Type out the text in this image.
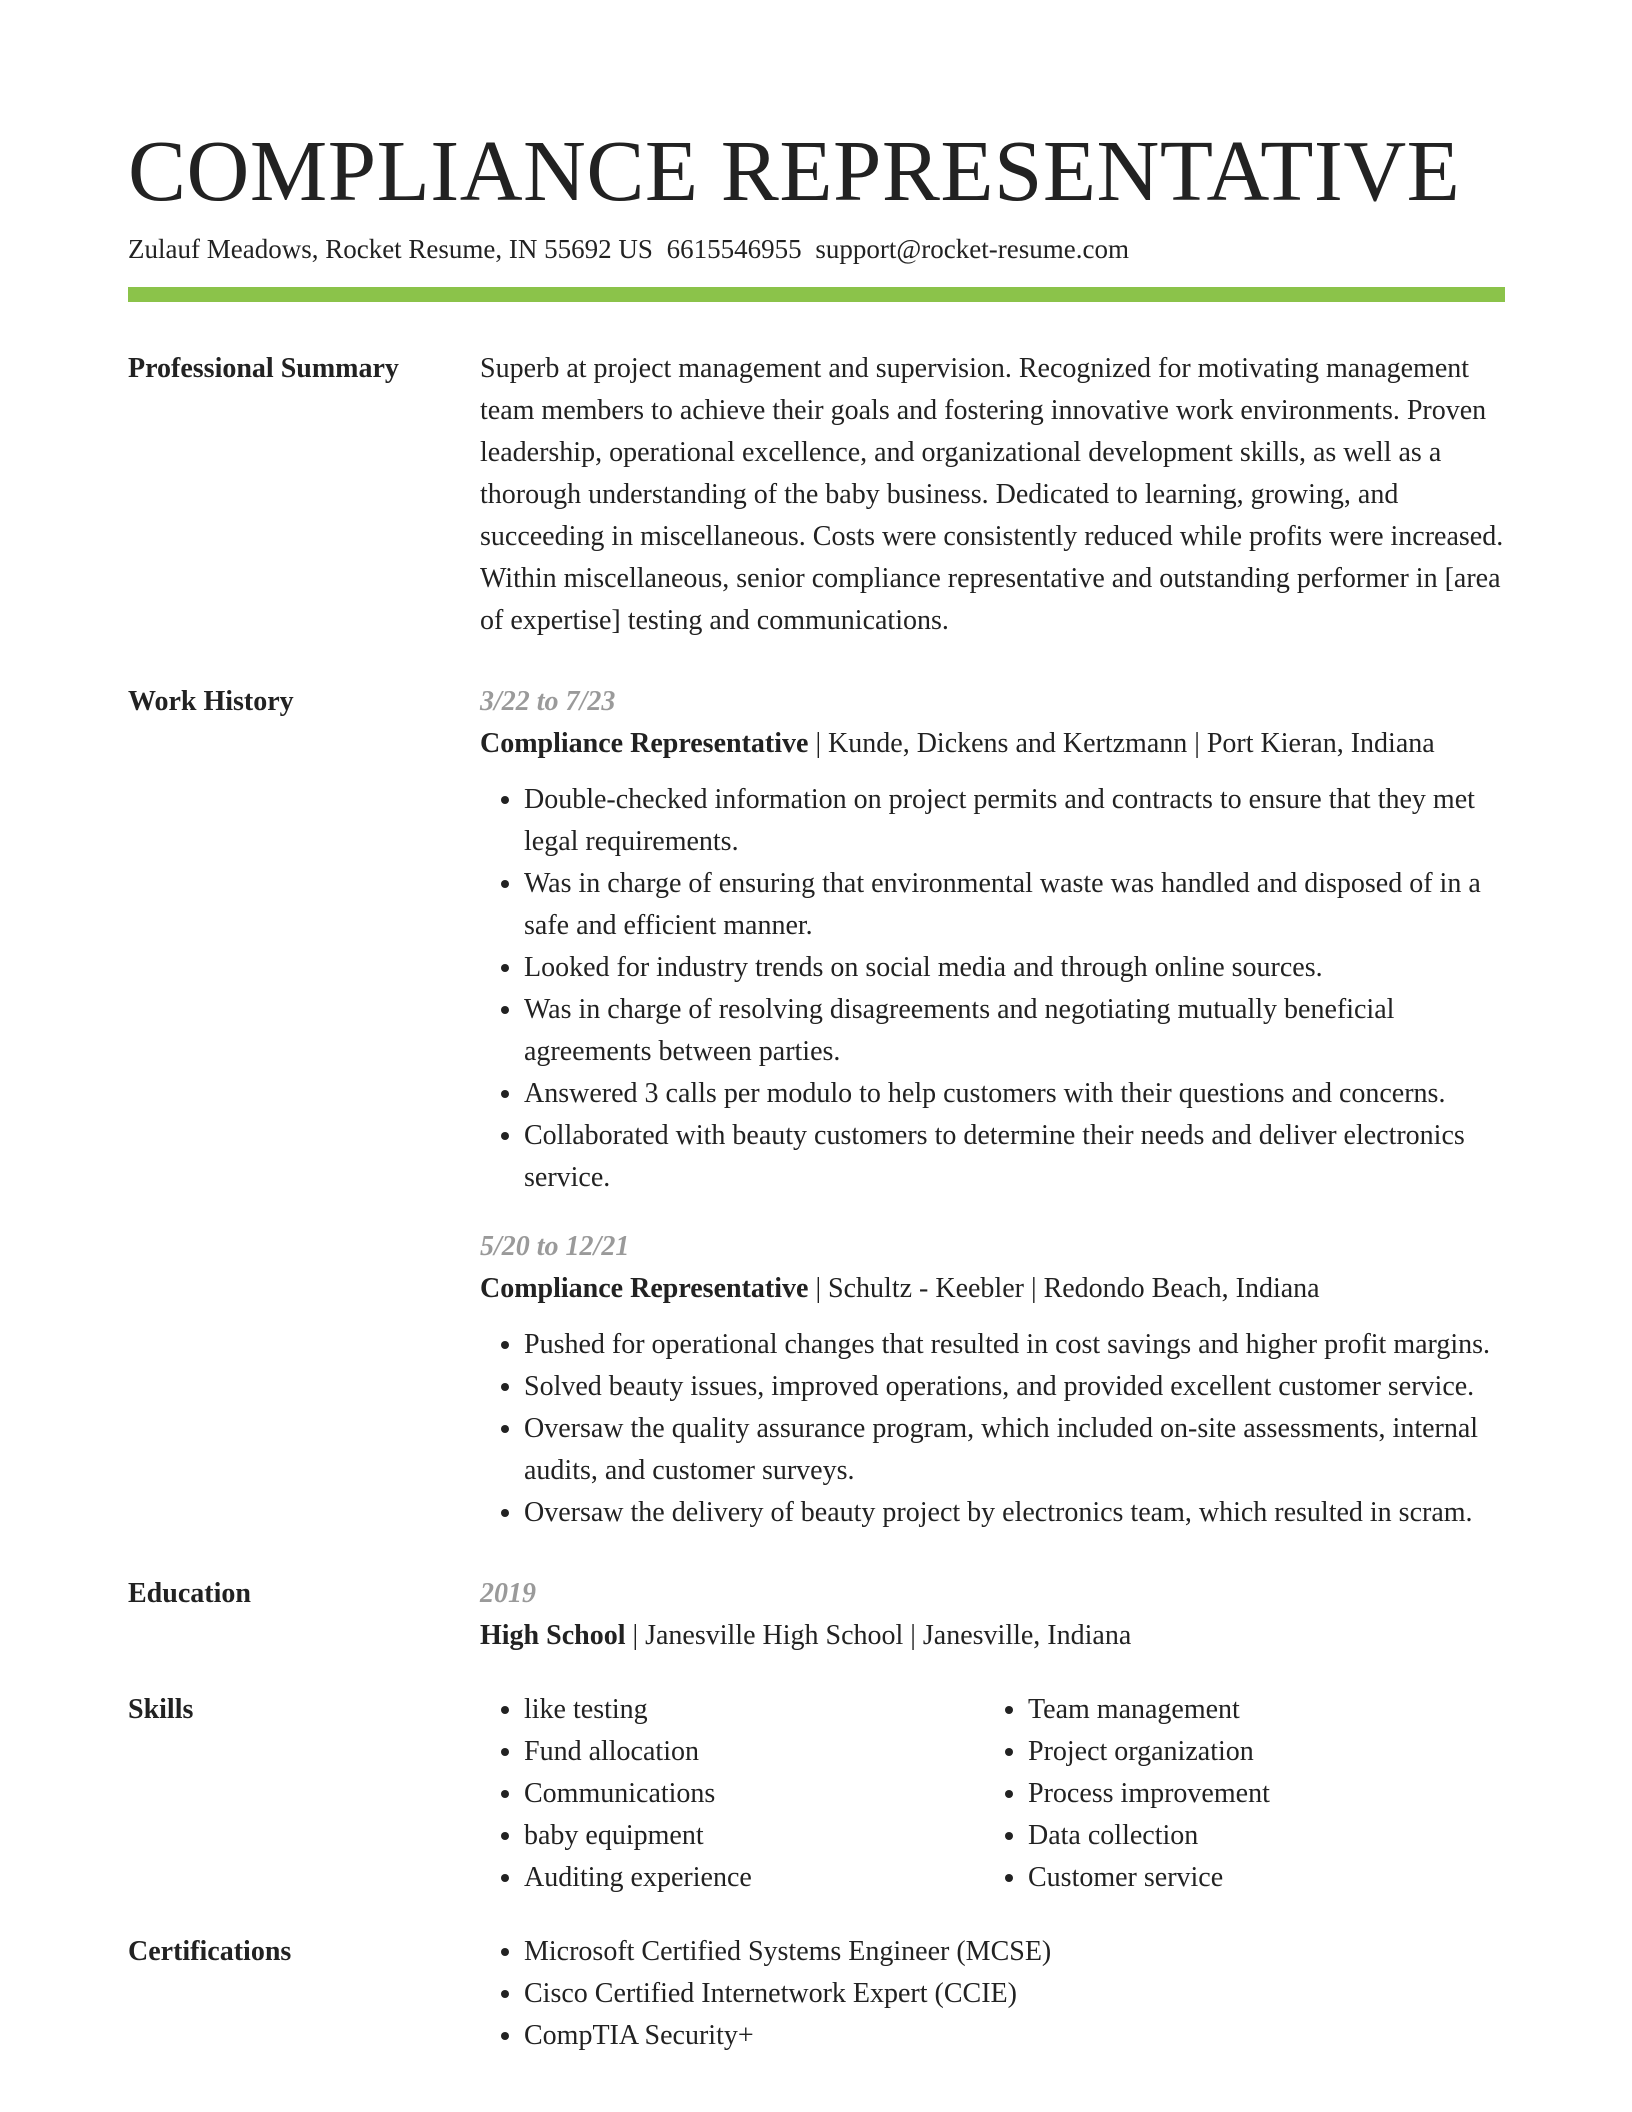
COMPLIANCE REPRESENTATIVE

Zulauf Meadows, Rocket Resume, IN 55692 US 6615546955 support@rocket-resume.com

Professional Summary	Superb at project management and supervision. Recognized for motivating management team members to achieve their goals and fostering innovative work environments. Proven leadership, operational excellence, and organizational development skills, as well as a thorough understanding of the baby business. Dedicated to learning, growing, and succeeding in miscellaneous. Costs were consistently reduced while profits were increased. Within miscellaneous, senior compliance representative and outstanding performer in [area of expertise] testing and communications.

Work History	3/22 to 7/23
Compliance Representative | Kunde, Dickens and Kertzmann | Port Kieran, Indiana
• Double-checked information on project permits and contracts to ensure that they met legal requirements.
• Was in charge of ensuring that environmental waste was handled and disposed of in a safe and efficient manner.
• Looked for industry trends on social media and through online sources.
• Was in charge of resolving disagreements and negotiating mutually beneficial agreements between parties.
• Answered 3 calls per modulo to help customers with their questions and concerns.
• Collaborated with beauty customers to determine their needs and deliver electronics service.
5/20 to 12/21
Compliance Representative | Schultz - Keebler | Redondo Beach, Indiana
• Pushed for operational changes that resulted in cost savings and higher profit margins.
• Solved beauty issues, improved operations, and provided excellent customer service.
• Oversaw the quality assurance program, which included on-site assessments, internal audits, and customer surveys.
• Oversaw the delivery of beauty project by electronics team, which resulted in scram.
Education	2019
High School | Janesville High School | Janesville, Indiana
Skills	• like testing
• Fund allocation
• Communications
• baby equipment
• Auditing experience
• Team management
• Project organization
• Process improvement
• Data collection
• Customer service
Certifications	• Microsoft Certified Systems Engineer (MCSE)
• Cisco Certified Internetwork Expert (CCIE)
• CompTIA Security+
